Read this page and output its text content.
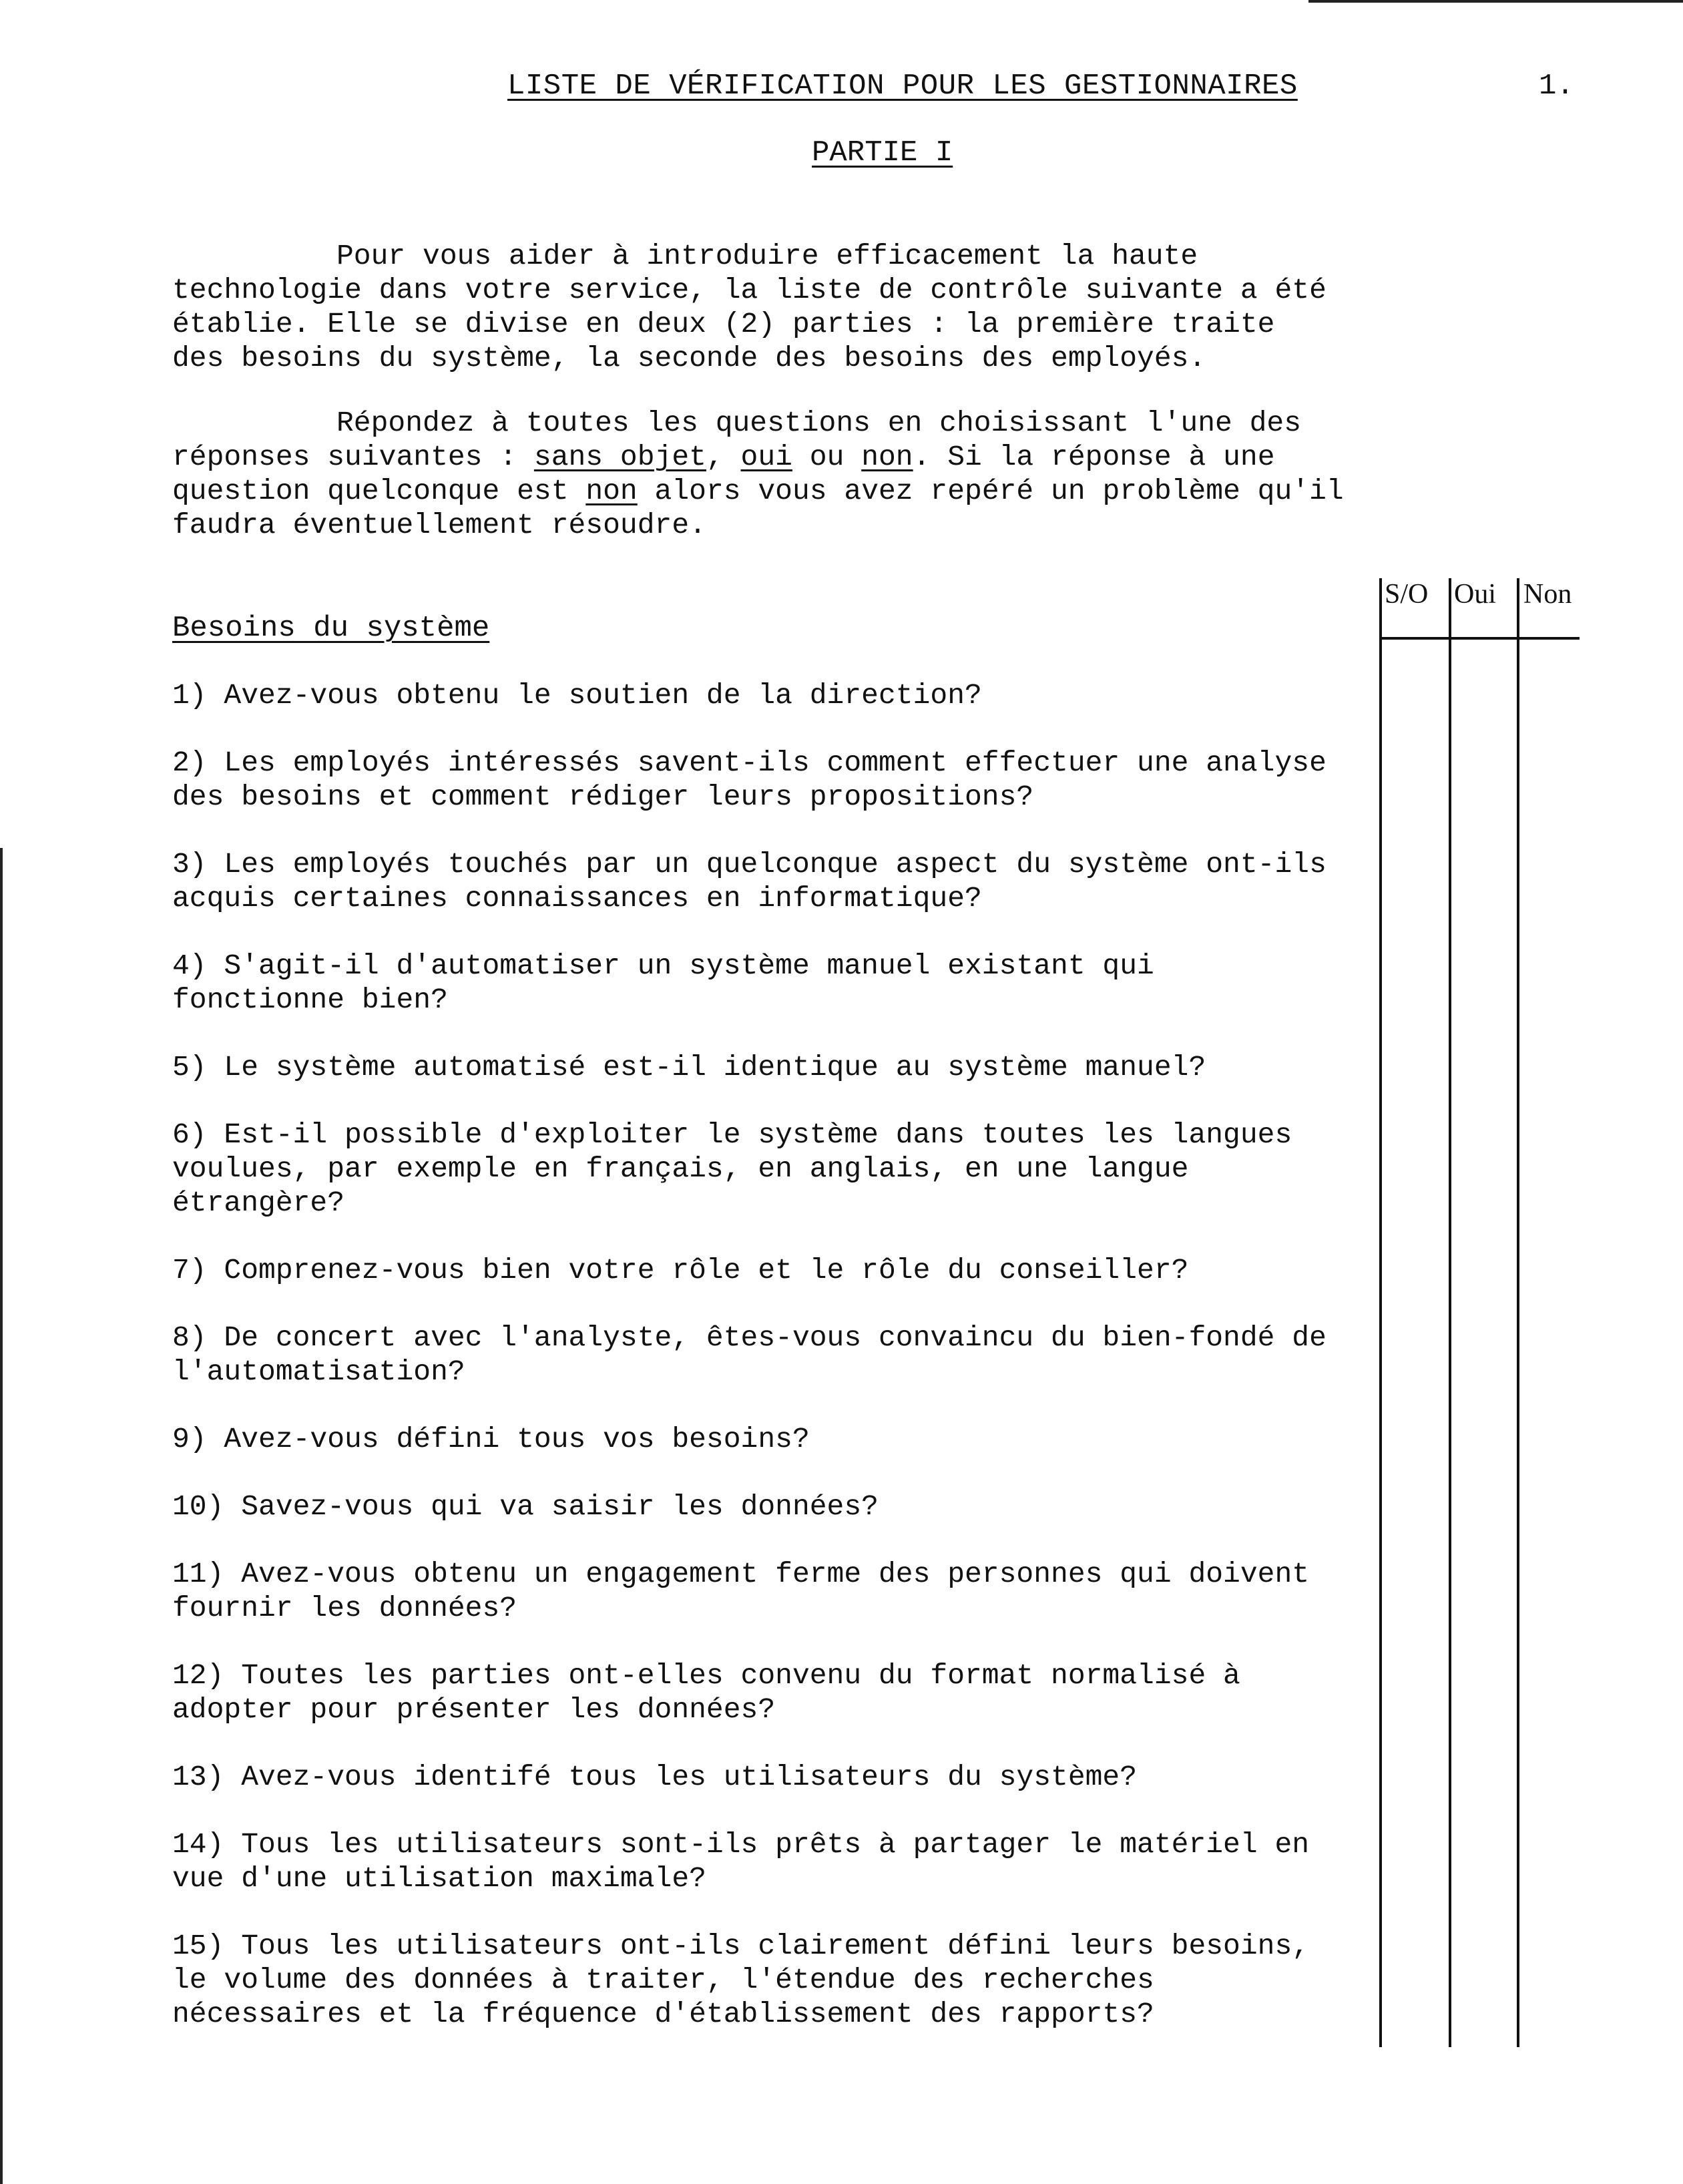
LISTE DE VÉRIFICATION POUR LES GESTIONNAIRES	1.
PARTIE I
Pour vous aider à introduire efficacement la haute
technologie dans votre service, la liste de contrôle suivante a été
établie. Elle se divise en deux (2) parties : la première traite
des besoins du système, la seconde des besoins des employés.
Répondez à toutes les questions en choisissant l'une des
réponses suivantes : sans objet, oui ou non. Si la réponse à une
question quelconque est non alors vous avez repéré un problème qu'il
faudra éventuellement résoudre.
Besoins du système
S/O Oui Non
1) Avez-vous obtenu le soutien de la direction?
2) Les employés intéressés savent-ils comment effectuer une analyse
des besoins et comment rédiger leurs propositions?
3) Les employés touchés par un quelconque aspect du système ont-ils
acquis certaines connaissances en informatique?
4) S'agit-il d'automatiser un système manuel existant qui
fonctionne bien?
5) Le système automatisé est-il identique au système manuel?
6) Est-il possible d'exploiter le système dans toutes les langues
voulues, par exemple en français, en anglais, en une langue
étrangère?
7) Comprenez-vous bien votre rôle et le rôle du conseiller?
8) De concert avec l'analyste, êtes-vous convaincu du bien-fondé de
l'automatisation?
9) Avez-vous défini tous vos besoins?
10) Savez-vous qui va saisir les données?
11) Avez-vous obtenu un engagement ferme des personnes qui doivent
fournir les données?
12) Toutes les parties ont-elles convenu du format normalisé à
adopter pour présenter les données?
13) Avez-vous identifé tous les utilisateurs du système?
14) Tous les utilisateurs sont-ils prêts à partager le matériel en
vue d'une utilisation maximale?
15) Tous les utilisateurs ont-ils clairement défini leurs besoins,
le volume des données à traiter, l'étendue des recherches
nécessaires et la fréquence d'établissement des rapports?
